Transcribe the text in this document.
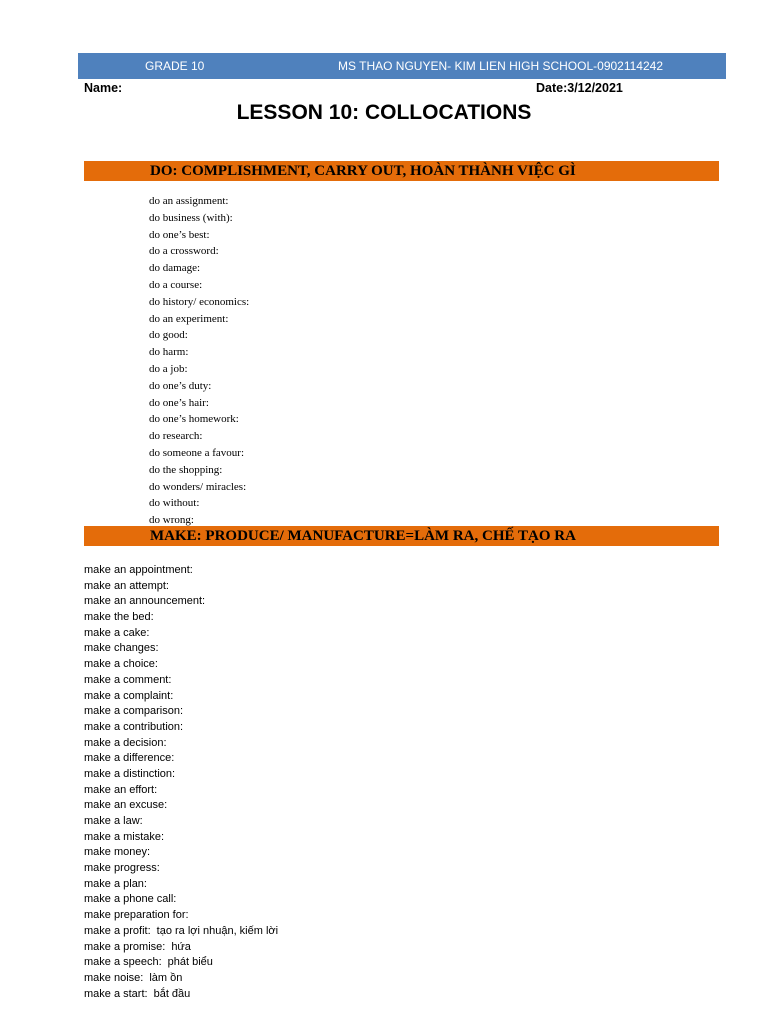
GRADE 10	MS THAO NGUYEN- KIM LIEN HIGH SCHOOL-0902114242
Name:	Date:3/12/2021
LESSON 10: COLLOCATIONS
DO: COMPLISHMENT, CARRY OUT, HOÀN THÀNH VIỆC GÌ
do an assignment:
do business (with):
do one’s best:
do a crossword:
do damage:
do a course:
do history/ economics:
do an experiment:
do good:
do harm:
do a job:
do one’s duty:
do one’s hair:
do one’s homework:
do research:
do someone a favour:
do the shopping:
do wonders/ miracles:
do without:
do wrong:
MAKE: PRODUCE/ MANUFACTURE=LÀM RA, CHẾ TẠO RA
make an appointment:
make an attempt:
make an announcement:
make the bed:
make a cake:
make changes:
make a choice:
make a comment:
make a complaint:
make a comparison:
make a contribution:
make a decision:
make a difference:
make a distinction:
make an effort:
make an excuse:
make a law:
make a mistake:
make money:
make progress:
make a plan:
make a phone call:
make preparation for:
make a profit: tạo ra lợi nhuận, kiếm lời
make a promise: hứa
make a speech: phát biểu
make noise: làm ồn
make a start: bắt đầu
